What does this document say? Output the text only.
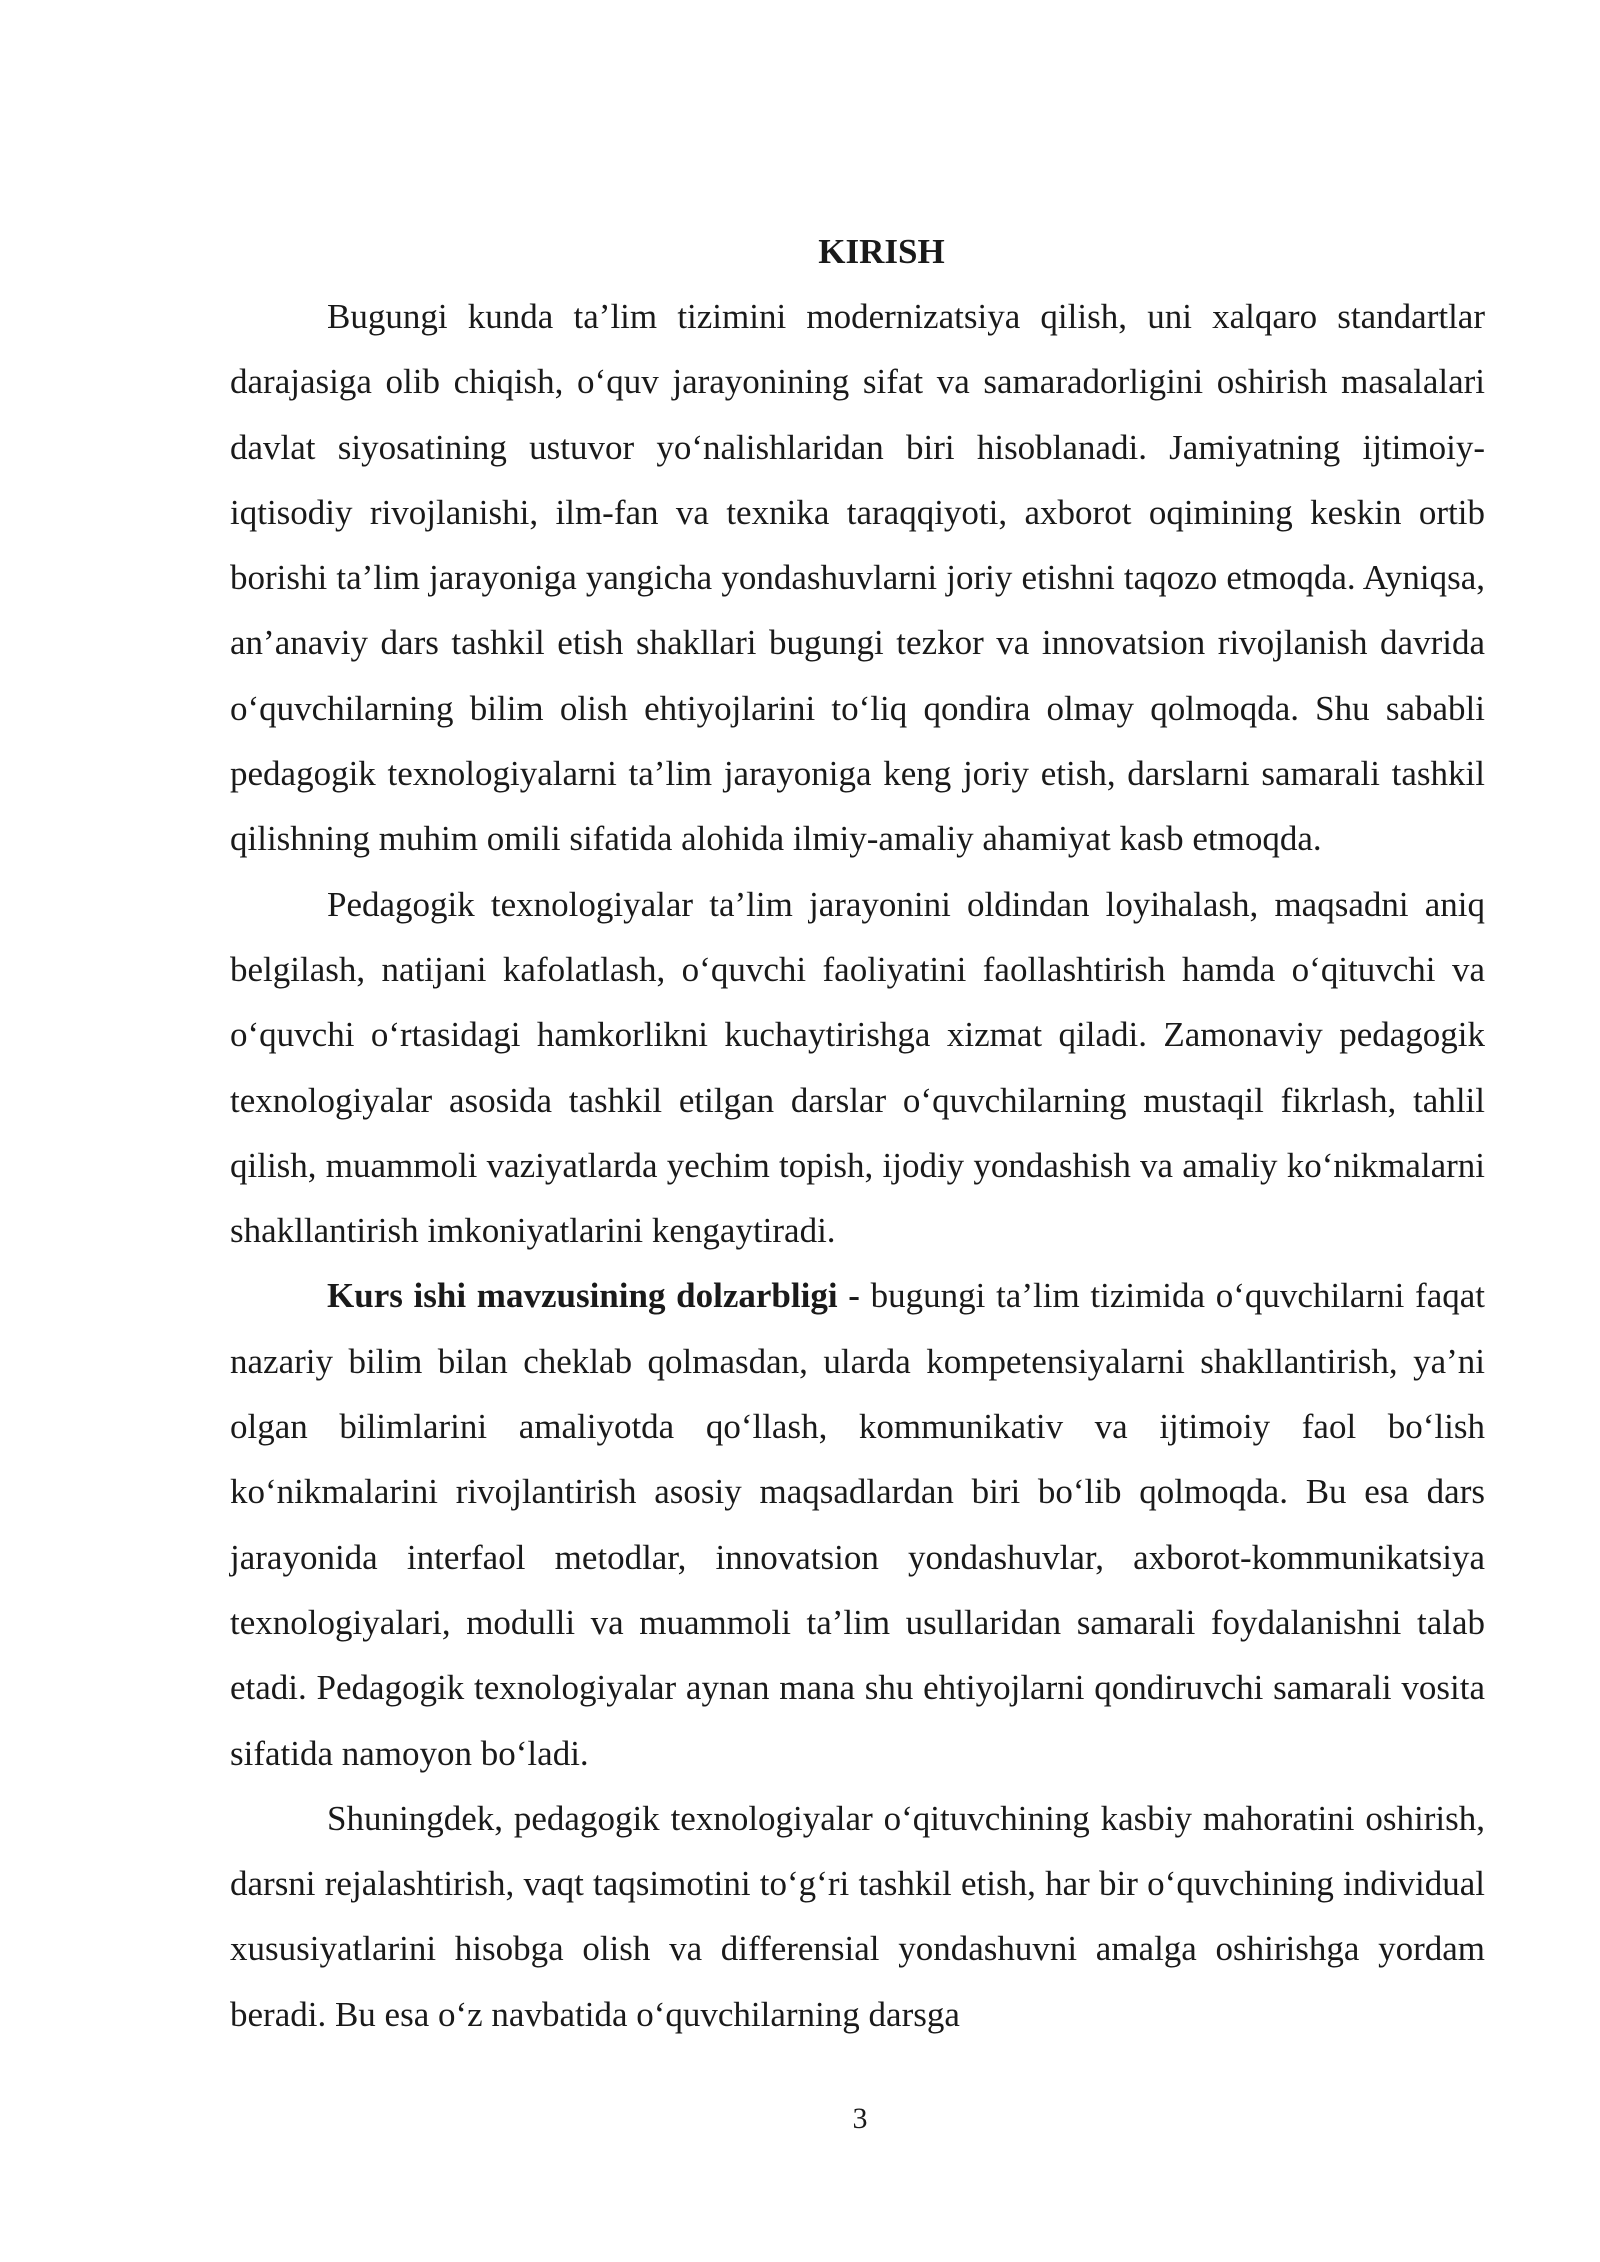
KIRISH

Bugungi kunda ta’lim tizimini modernizatsiya qilish, uni xalqaro standartlar darajasiga olib chiqish, o‘quv jarayonining sifat va samaradorligini oshirish masalalari davlat siyosatining ustuvor yo‘nalishlaridan biri hisoblanadi. Jamiyatning ijtimoiy-iqtisodiy rivojlanishi, ilm-fan va texnika taraqqiyoti, axborot oqimining keskin ortib borishi ta’lim jarayoniga yangicha yondashuvlarni joriy etishni taqozo etmoqda. Ayniqsa, an’anaviy dars tashkil etish shakllari bugungi tezkor va innovatsion rivojlanish davrida o‘quvchilarning bilim olish ehtiyojlarini to‘liq qondira olmay qolmoqda. Shu sababli pedagogik texnologiyalarni ta’lim jarayoniga keng joriy etish, darslarni samarali tashkil qilishning muhim omili sifatida alohida ilmiy-amaliy ahamiyat kasb etmoqda.

Pedagogik texnologiyalar ta’lim jarayonini oldindan loyihalash, maqsadni aniq belgilash, natijani kafolatlash, o‘quvchi faoliyatini faollashtirish hamda o‘qituvchi va o‘quvchi o‘rtasidagi hamkorlikni kuchaytirishga xizmat qiladi. Zamonaviy pedagogik texnologiyalar asosida tashkil etilgan darslar o‘quvchilarning mustaqil fikrlash, tahlil qilish, muammoli vaziyatlarda yechim topish, ijodiy yondashish va amaliy ko‘nikmalarni shakllantirish imkoniyatlarini kengaytiradi.

Kurs ishi mavzusining dolzarbligi - bugungi ta’lim tizimida o‘quvchilarni faqat nazariy bilim bilan cheklab qolmasdan, ularda kompetensiyalarni shakllantirish, ya’ni olgan bilimlarini amaliyotda qo‘llash, kommunikativ va ijtimoiy faol bo‘lish ko‘nikmalarini rivojlantirish asosiy maqsadlardan biri bo‘lib qolmoqda. Bu esa dars jarayonida interfaol metodlar, innovatsion yondashuvlar, axborot-kommunikatsiya texnologiyalari, modulli va muammoli ta’lim usullaridan samarali foydalanishni talab etadi. Pedagogik texnologiyalar aynan mana shu ehtiyojlarni qondiruvchi samarali vosita sifatida namoyon bo‘ladi.

Shuningdek, pedagogik texnologiyalar o‘qituvchining kasbiy mahoratini oshirish, darsni rejalashtirish, vaqt taqsimotini to‘g‘ri tashkil etish, har bir o‘quvchining individual xususiyatlarini hisobga olish va differensial yondashuvni amalga oshirishga yordam beradi. Bu esa o‘z navbatida o‘quvchilarning darsga

3
